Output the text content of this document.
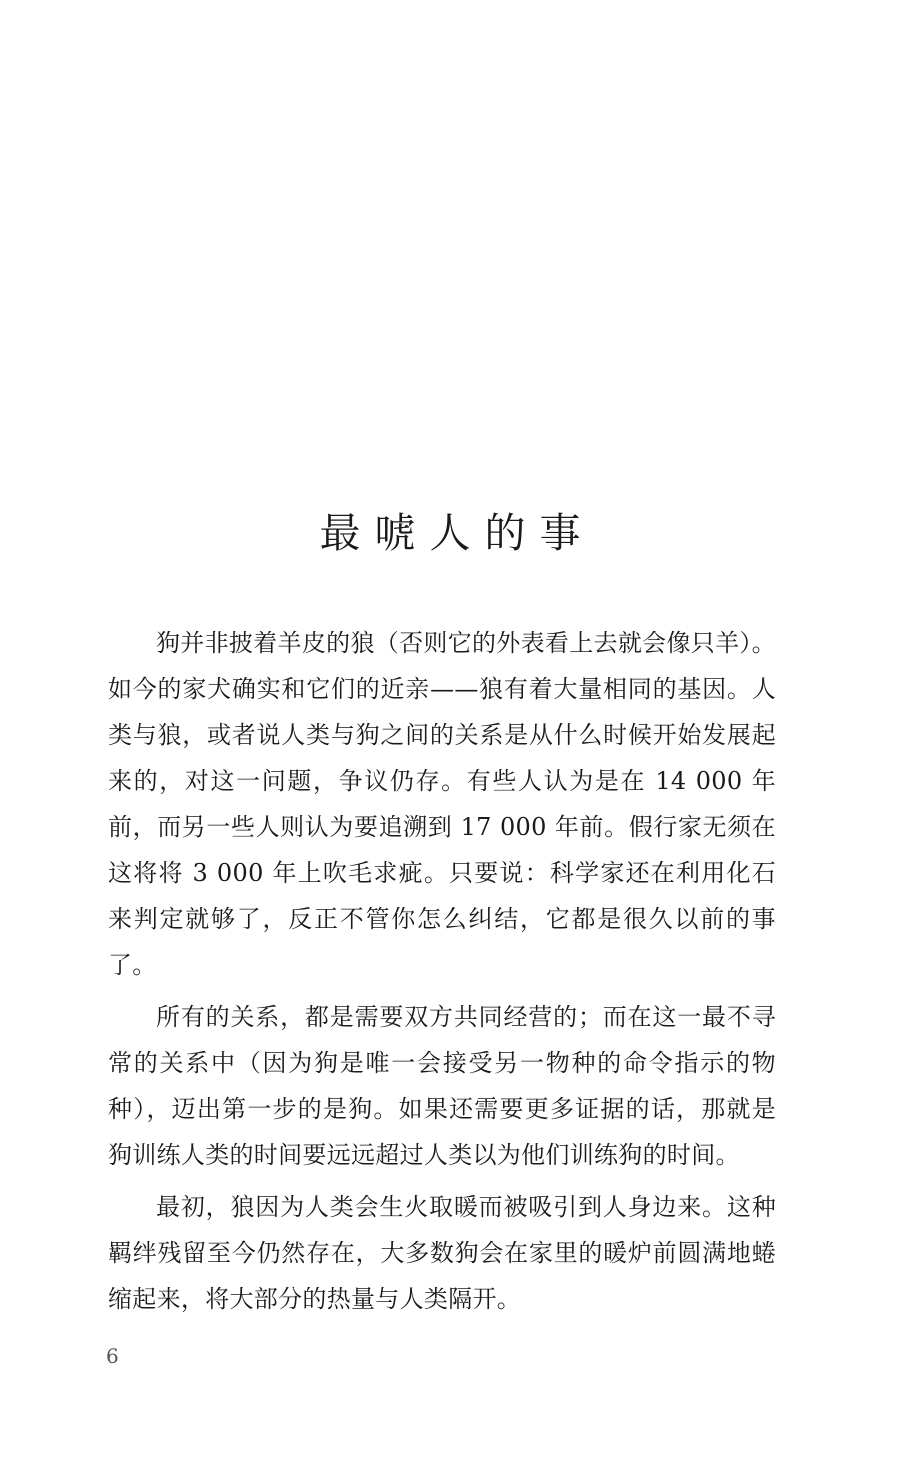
最唬人的事

狗并非披着羊皮的狼（否则它的外表看上去就会像只羊）。如今的家犬确实和它们的近亲——狼有着大量相同的基因。人类与狼，或者说人类与狗之间的关系是从什么时候开始发展起来的，对这一问题，争议仍存。有些人认为是在 14 000 年前，而另一些人则认为要追溯到 17 000 年前。假行家无须在这将将 3 000 年上吹毛求疵。只要说：科学家还在利用化石来判定就够了，反正不管你怎么纠结，它都是很久以前的事了。

所有的关系，都是需要双方共同经营的；而在这一最不寻常的关系中（因为狗是唯一会接受另一物种的命令指示的物种），迈出第一步的是狗。如果还需要更多证据的话，那就是狗训练人类的时间要远远超过人类以为他们训练狗的时间。

最初，狼因为人类会生火取暖而被吸引到人身边来。这种羁绊残留至今仍然存在，大多数狗会在家里的暖炉前圆满地蜷缩起来，将大部分的热量与人类隔开。

6
